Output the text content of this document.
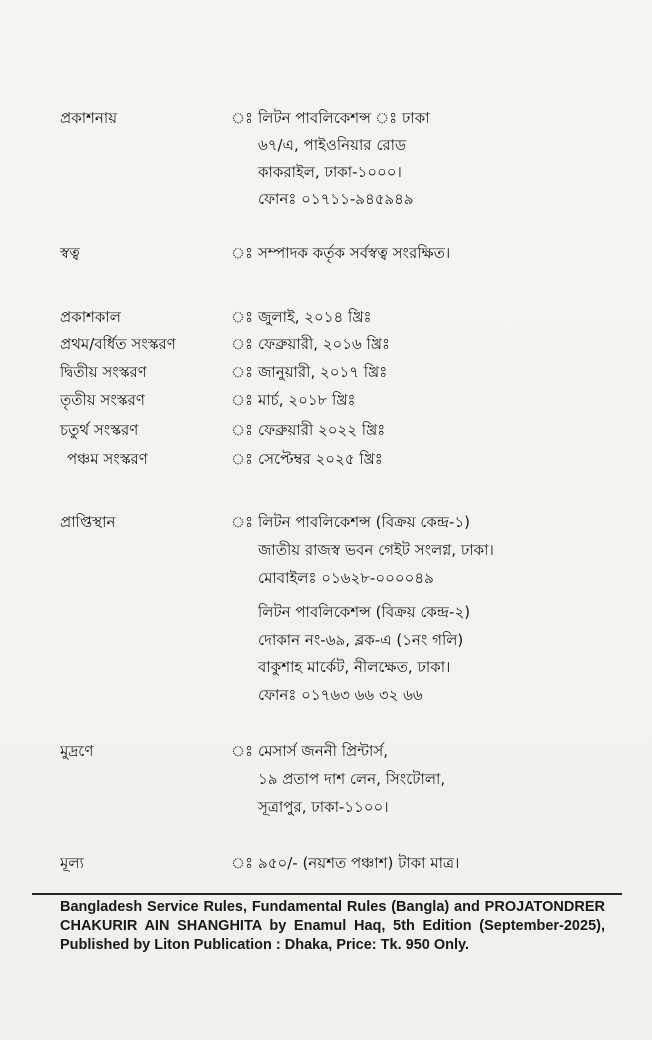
প্রকাশনায়	ঃ লিটন পাবলিকেশন্স ঃ ঢাকা
৬৭/এ, পাইওনিয়ার রোড
কাকরাইল, ঢাকা-১০০০।
ফোনঃ ০১৭১১-৯৪৫৯৪৯
স্বত্ব	ঃ সম্পাদক কর্তৃক সর্বস্বত্ব সংরক্ষিত।
প্রকাশকাল	ঃ জুলাই, ২০১৪ খ্রিঃ
প্রথম/বর্ধিত সংস্করণ	ঃ ফেব্রুয়ারী, ২০১৬ খ্রিঃ
দ্বিতীয় সংস্করণ	ঃ জানুয়ারী, ২০১৭ খ্রিঃ
তৃতীয় সংস্করণ	ঃ মার্চ, ২০১৮ খ্রিঃ
চতুর্থ সংস্করণ	ঃ ফেব্রুয়ারী ২০২২ খ্রিঃ
পঞ্চম সংস্করণ	ঃ সেপ্টেম্বর ২০২৫ খ্রিঃ
প্রাপ্তিস্থান	ঃ লিটন পাবলিকেশন্স (বিক্রয় কেন্দ্র-১)
জাতীয় রাজস্ব ভবন গেইট সংলগ্ন, ঢাকা।
মোবাইলঃ ০১৬২৮-০০০০৪৯
লিটন পাবলিকেশন্স (বিক্রয় কেন্দ্র-২)
দোকান নং-৬৯, ব্লক-এ (১নং গলি)
বাকুশাহ মার্কেট, নীলক্ষেত, ঢাকা।
ফোনঃ ০১৭৬৩ ৬৬ ৩২ ৬৬
মুদ্রণে	ঃ মেসার্স জননী প্রিন্টার্স,
১৯ প্রতাপ দাশ লেন, সিংটোলা,
সূত্রাপুর, ঢাকা-১১০০।
মূল্য	ঃ ৯৫০/- (নয়শত পঞ্চাশ) টাকা মাত্র।
Bangladesh Service Rules, Fundamental Rules (Bangla) and PROJATONDRER CHAKURIR AIN SHANGHITA by Enamul Haq, 5th Edition (September-2025), Published by Liton Publication : Dhaka, Price: Tk. 950 Only.
